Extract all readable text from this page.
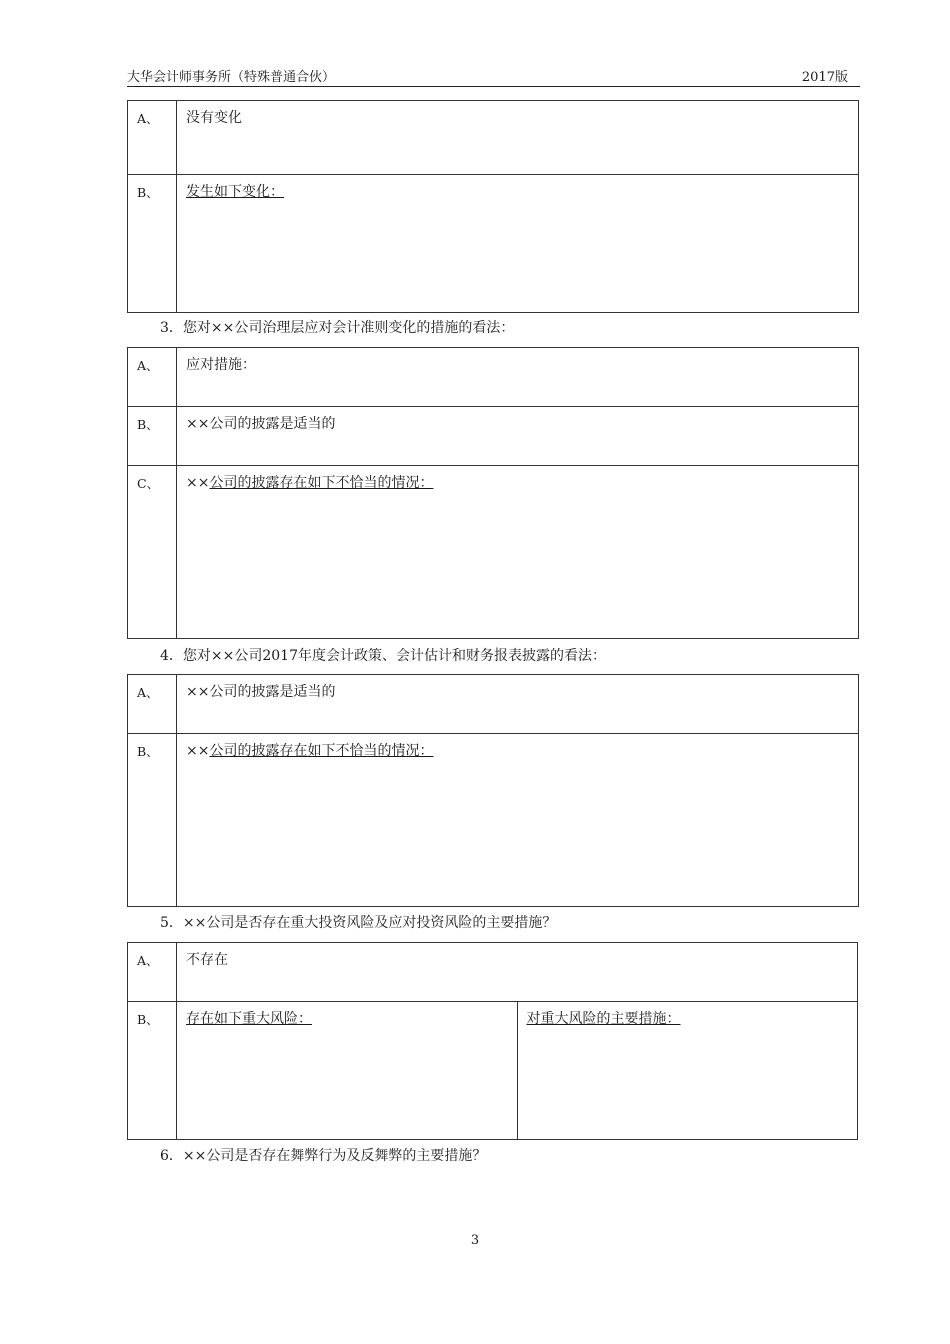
大华会计师事务所（特殊普通合伙）	2017版
A、	没有变化
B、	发生如下变化：
3．您对××公司治理层应对会计准则变化的措施的看法：
A、	应对措施：
B、	××公司的披露是适当的
C、	××公司的披露存在如下不恰当的情况：
4．您对××公司2017年度会计政策、会计估计和财务报表披露的看法：
A、	××公司的披露是适当的
B、	××公司的披露存在如下不恰当的情况：
5．××公司是否存在重大投资风险及应对投资风险的主要措施？
A、	不存在	
B、	存在如下重大风险：	对重大风险的主要措施：
6．××公司是否存在舞弊行为及反舞弊的主要措施？
3
